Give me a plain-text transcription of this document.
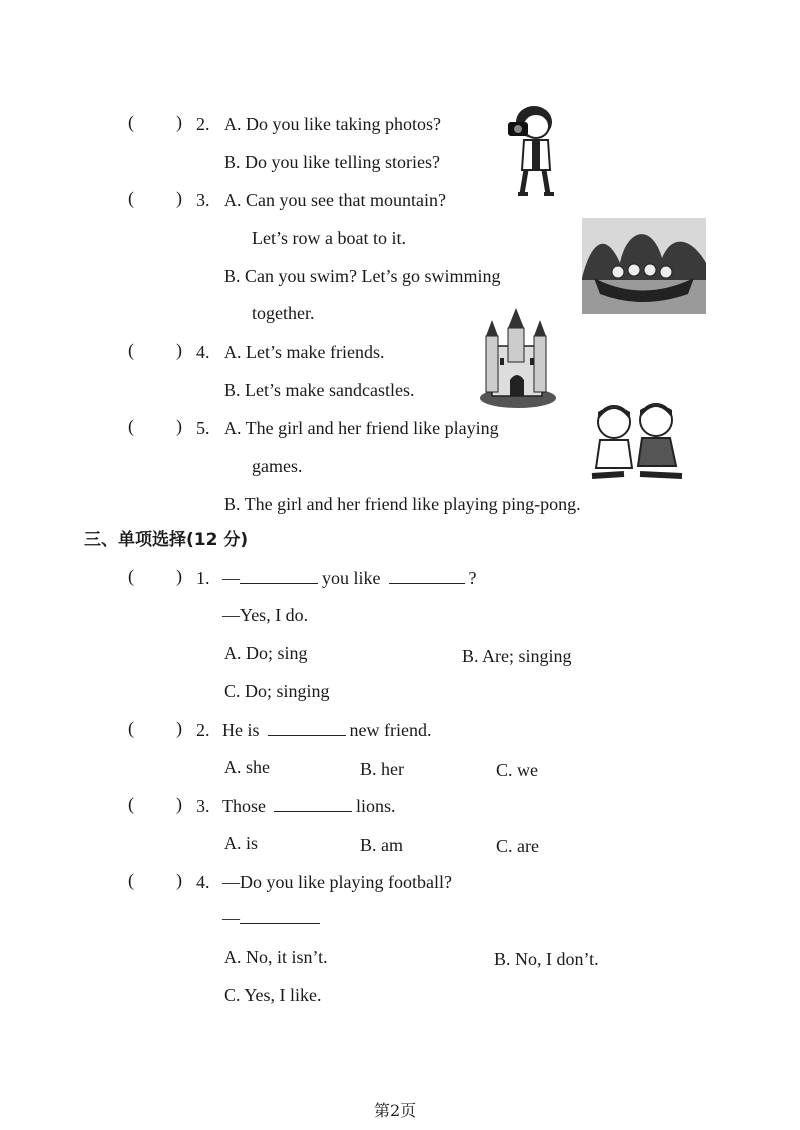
( ) 2. A. Do you like taking photos?
B. Do you like telling stories?
( ) 3. A. Can you see that mountain?
Let’s row a boat to it.
B. Can you swim? Let’s go swimming
together.
( ) 4. A. Let’s make friends.
B. Let’s make sandcastles.
( ) 5. A. The girl and her friend like playing
games.
B. The girl and her friend like playing ping-pong.
三、单项选择(12 分)
( ) 1. —	you like	?
—Yes, I do.
A. Do; sing	B. Are; singing
C. Do; singing
( ) 2. He is	new friend.
A. she	B. her	C. we
( ) 3. Those	lions.
A. is	B. am	C. are
( ) 4. —Do you like playing football?
—
A. No, it isn’t.	B. No, I don’t.
C. Yes, I like.
第2页
